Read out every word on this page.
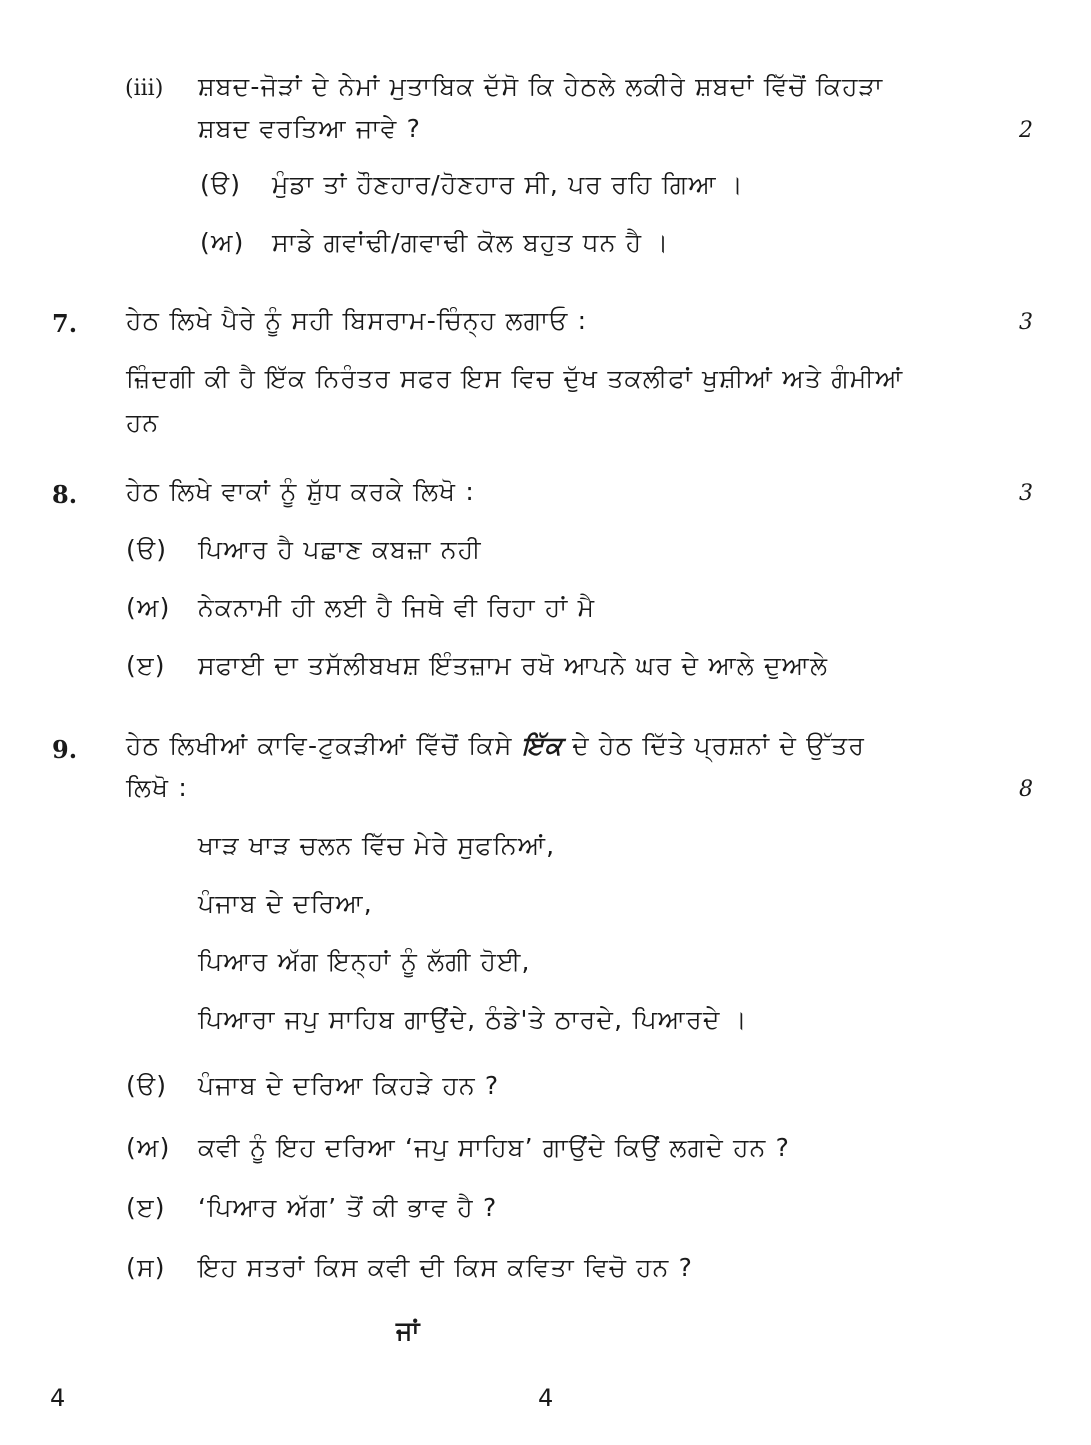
(iii) ਸ਼ਬਦ-ਜੋੜਾਂ ਦੇ ਨੇਮਾਂ ਮੁਤਾਬਿਕ ਦੱਸੋ ਕਿ ਹੇਠਲੇ ਲਕੀਰੇ ਸ਼ਬਦਾਂ ਵਿੱਚੋਂ ਕਿਹੜਾ
ਸ਼ਬਦ ਵਰਤਿਆ ਜਾਵੇ ?	2
(ੳ) ਮੁੰਡਾ ਤਾਂ ਹੌਣਹਾਰ/ਹੋਣਹਾਰ ਸੀ, ਪਰ ਰਹਿ ਗਿਆ ।
(ਅ) ਸਾਡੇ ਗਵਾਂਢੀ/ਗਵਾਢੀ ਕੋਲ ਬਹੁਤ ਧਨ ਹੈ ।
7. ਹੇਠ ਲਿਖੇ ਪੈਰੇ ਨੂੰ ਸਹੀ ਬਿਸਰਾਮ-ਚਿੰਨ੍ਹ ਲਗਾਓ :	3
ਜ਼ਿੰਦਗੀ ਕੀ ਹੈ ਇੱਕ ਨਿਰੰਤਰ ਸਫਰ ਇਸ ਵਿਚ ਦੁੱਖ ਤਕਲੀਫਾਂ ਖੁਸ਼ੀਆਂ ਅਤੇ ਗੰਮੀਆਂ
ਹਨ
8. ਹੇਠ ਲਿਖੇ ਵਾਕਾਂ ਨੂੰ ਸ਼ੁੱਧ ਕਰਕੇ ਲਿਖੋ :	3
(ੳ) ਪਿਆਰ ਹੈ ਪਛਾਣ ਕਬਜ਼ਾ ਨਹੀ
(ਅ) ਨੇਕਨਾਮੀ ਹੀ ਲਈ ਹੈ ਜਿਥੇ ਵੀ ਰਿਹਾ ਹਾਂ ਮੈ
(ੲ) ਸਫਾਈ ਦਾ ਤਸੱਲੀਬਖਸ਼ ਇੰਤਜ਼ਾਮ ਰਖੋ ਆਪਨੇ ਘਰ ਦੇ ਆਲੇ ਦੁਆਲੇ
9. ਹੇਠ ਲਿਖੀਆਂ ਕਾਵਿ-ਟੁਕੜੀਆਂ ਵਿੱਚੋਂ ਕਿਸੇ ਇੱਕ ਦੇ ਹੇਠ ਦਿੱਤੇ ਪ੍ਰਸ਼ਨਾਂ ਦੇ ਉੱਤਰ
ਲਿਖੋ :	8
ਖਾੜ ਖਾੜ ਚਲਨ ਵਿੱਚ ਮੇਰੇ ਸੁਫਨਿਆਂ,
ਪੰਜਾਬ ਦੇ ਦਰਿਆ,
ਪਿਆਰ ਅੱਗ ਇਨ੍ਹਾਂ ਨੂੰ ਲੱਗੀ ਹੋਈ,
ਪਿਆਰਾ ਜਪੁ ਸਾਹਿਬ ਗਾਉਂਦੇ, ਠੰਡੇ'ਤੇ ਠਾਰਦੇ, ਪਿਆਰਦੇ ।
(ੳ) ਪੰਜਾਬ ਦੇ ਦਰਿਆ ਕਿਹੜੇ ਹਨ ?
(ਅ) ਕਵੀ ਨੂੰ ਇਹ ਦਰਿਆ ‘ਜਪੁ ਸਾਹਿਬ’ ਗਾਉਂਦੇ ਕਿਉਂ ਲਗਦੇ ਹਨ ?
(ੲ) ‘ਪਿਆਰ ਅੱਗ’ ਤੋਂ ਕੀ ਭਾਵ ਹੈ ?
(ਸ) ਇਹ ਸਤਰਾਂ ਕਿਸ ਕਵੀ ਦੀ ਕਿਸ ਕਵਿਤਾ ਵਿਚੋ ਹਨ ?
ਜਾਂ
4	4
